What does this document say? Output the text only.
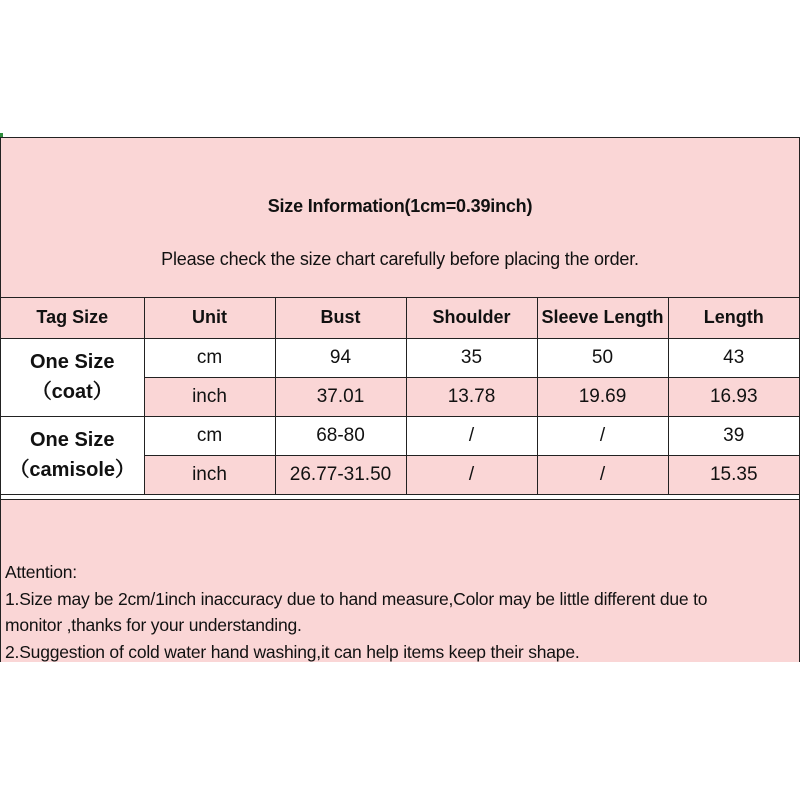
Size Information(1cm=0.39inch)
Please check the size chart carefully before placing the order.
Tag Size	Unit	Bust	Shoulder	Sleeve Length	Length

One Size
（coat）	cm	94	35	50	43
	inch	37.01	13.78	19.69	16.93

One Size
（camisole）	cm	68-80	/	/	39
	inch	26.77-31.50	/	/	15.35
Attention:
1.Size may be 2cm/1inch inaccuracy due to hand measure,Color may be little different due to
monitor ,thanks for your understanding.
2.Suggestion of cold water hand washing,it can help items keep their shape.
